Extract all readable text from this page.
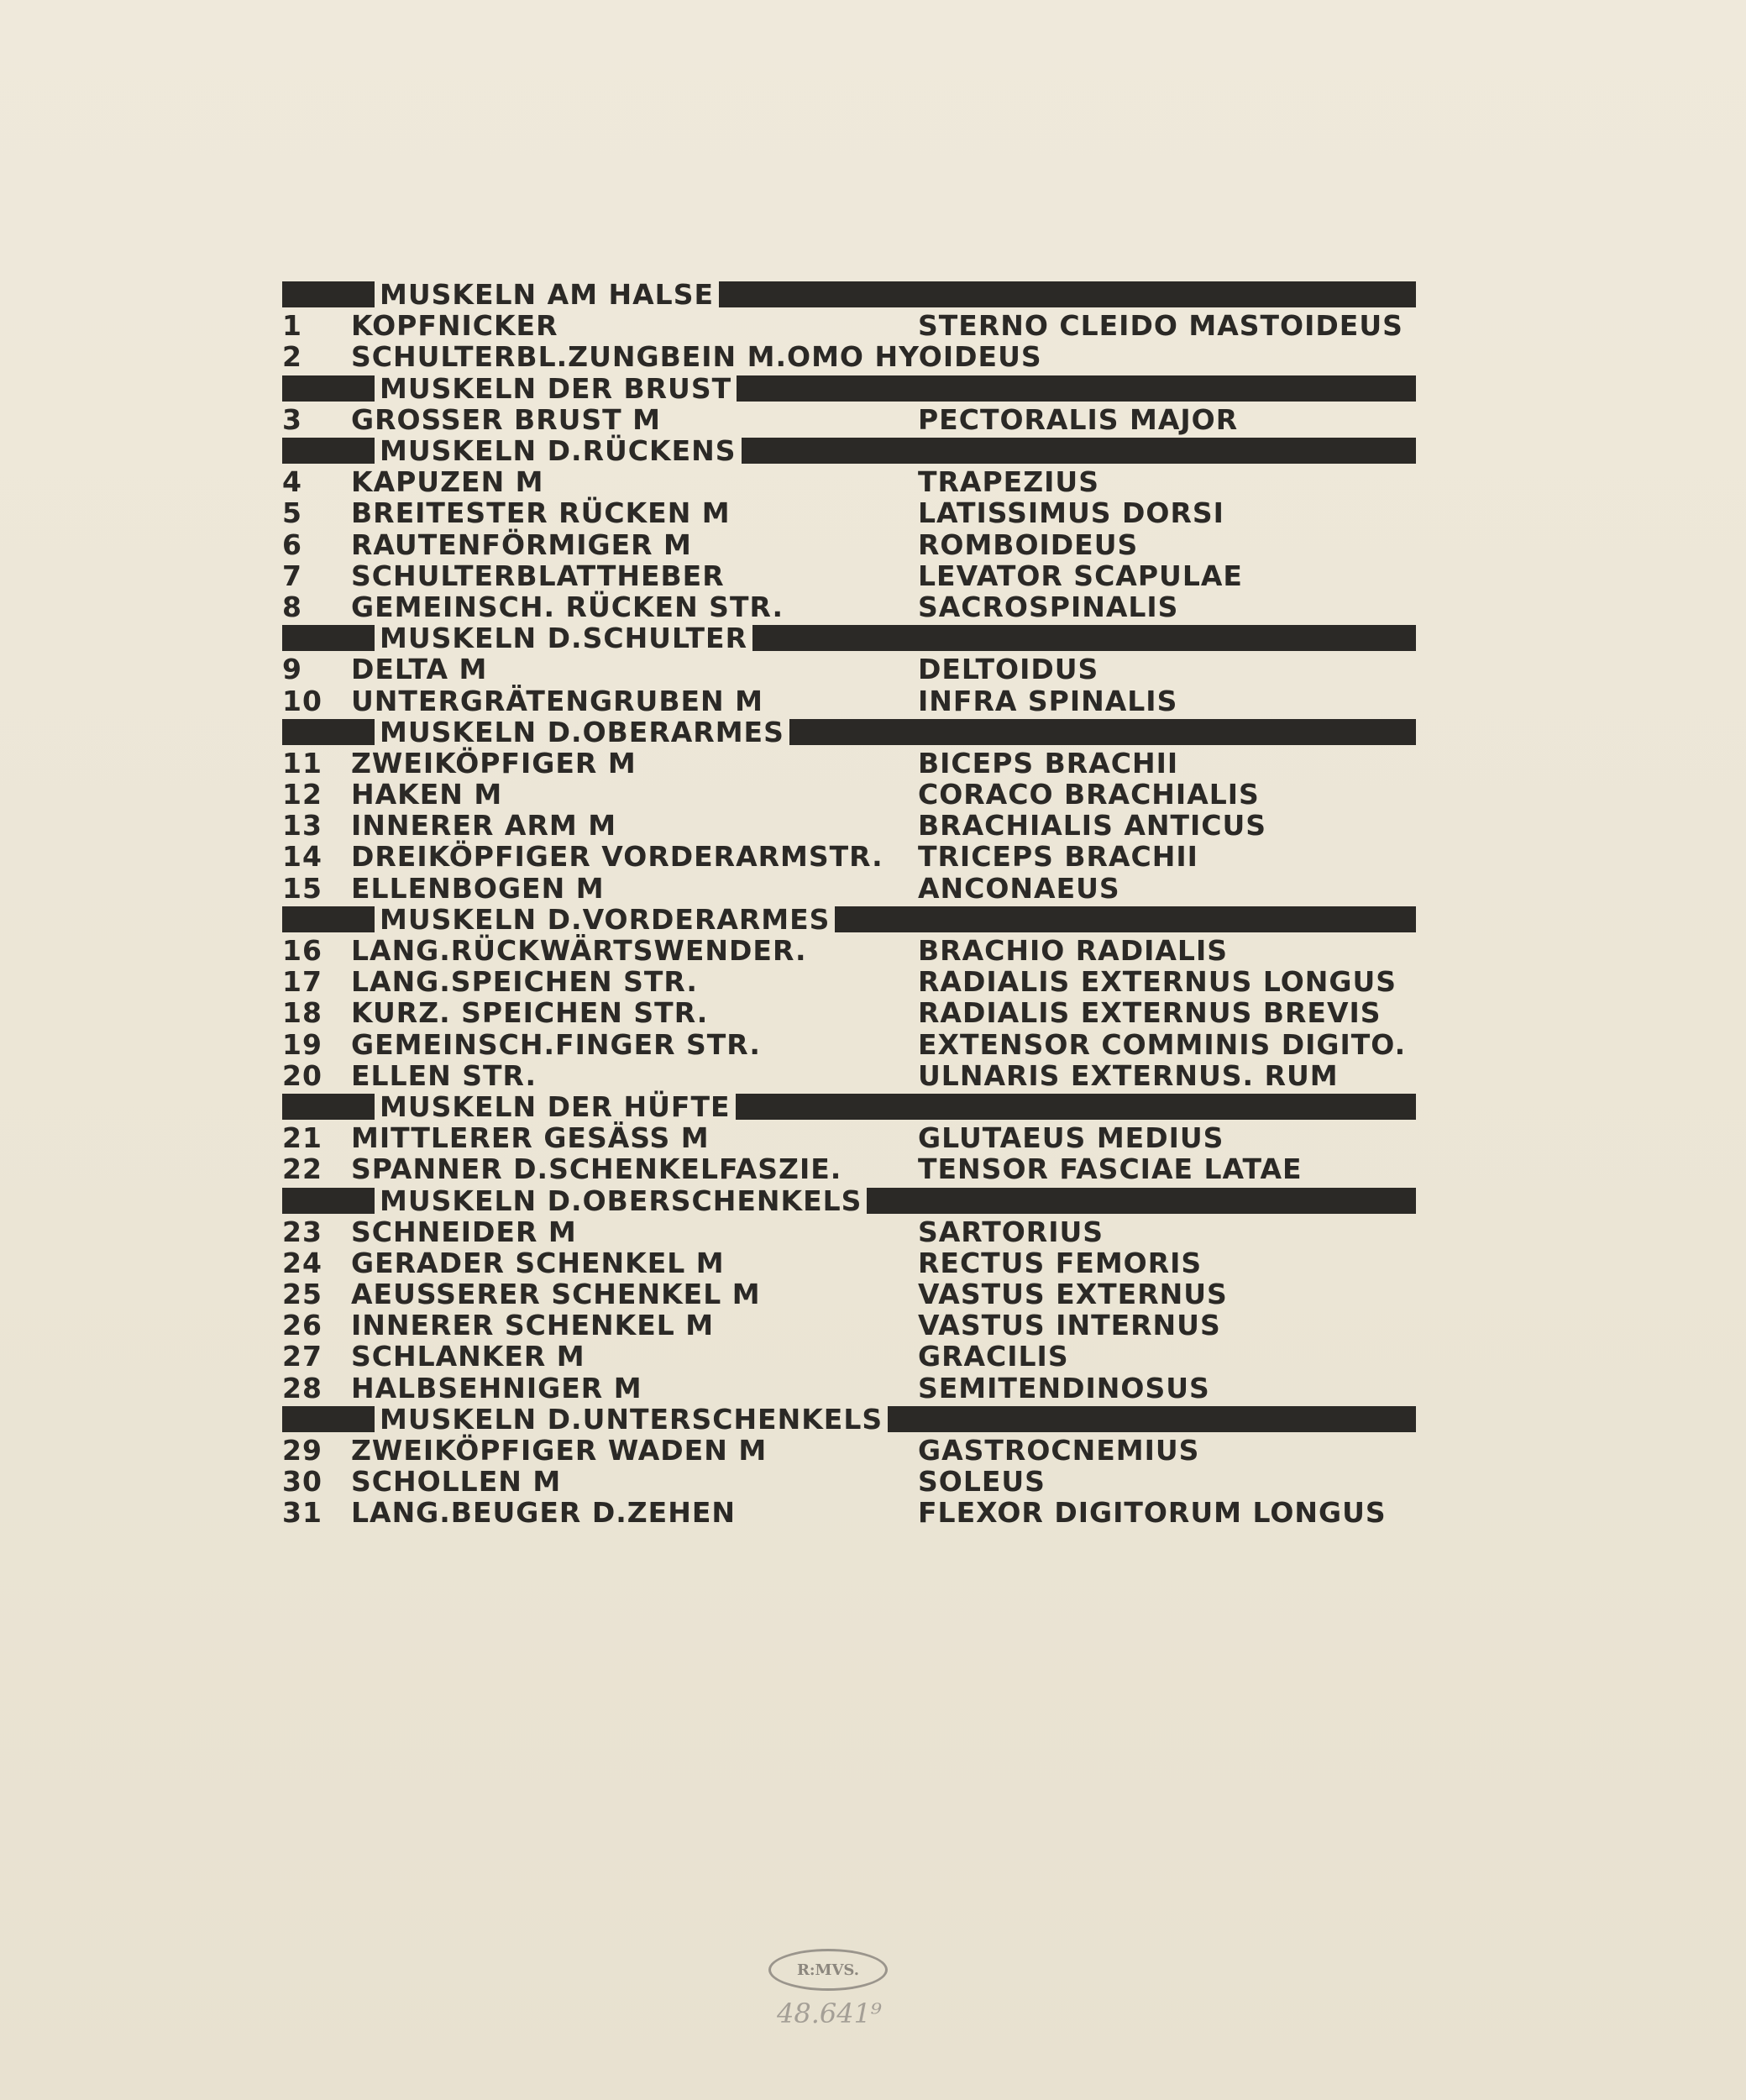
MUSKELN AM HALSE
1	KOPFNICKER	STERNO CLEIDO MASTOIDEUS
2	SCHULTERBL.ZUNGBEIN M.OMO HYOIDEUS
MUSKELN DER BRUST
3	GROSSER BRUST M	PECTORALIS MAJOR
MUSKELN D.RÜCKENS
4	KAPUZEN M	TRAPEZIUS
5	BREITESTER RÜCKEN M	LATISSIMUS DORSI
6	RAUTENFÖRMIGER M	ROMBOIDEUS
7	SCHULTERBLATTHEBER	LEVATOR SCAPULAE
8	GEMEINSCH. RÜCKEN STR.	SACROSPINALIS
MUSKELN D.SCHULTER
9	DELTA M	DELTOIDUS
10	UNTERGRÄTENGRUBEN M	INFRA SPINALIS
MUSKELN D.OBERARMES
11	ZWEIKÖPFIGER M	BICEPS BRACHII
12	HAKEN M	CORACO BRACHIALIS
13	INNERER ARM M	BRACHIALIS ANTICUS
14	DREIKÖPFIGER VORDERARMSTR.	TRICEPS BRACHII
15	ELLENBOGEN M	ANCONAEUS
MUSKELN D.VORDERARMES
16	LANG.RÜCKWÄRTSWENDER.	BRACHIO RADIALIS
17	LANG.SPEICHEN STR.	RADIALIS EXTERNUS LONGUS
18	KURZ. SPEICHEN STR.	RADIALIS EXTERNUS BREVIS
19	GEMEINSCH.FINGER STR.	EXTENSOR COMMINIS DIGITO.
20	ELLEN STR.	ULNARIS EXTERNUS. RUM
MUSKELN DER HÜFTE
21	MITTLERER GESÄSS M	GLUTAEUS MEDIUS
22	SPANNER D.SCHENKELFASZIE.	TENSOR FASCIAE LATAE
MUSKELN D.OBERSCHENKELS
23	SCHNEIDER M	SARTORIUS
24	GERADER SCHENKEL M	RECTUS FEMORIS
25	AEUSSERER SCHENKEL M	VASTUS EXTERNUS
26	INNERER SCHENKEL M	VASTUS INTERNUS
27	SCHLANKER M	GRACILIS
28	HALBSEHNIGER M	SEMITENDINOSUS
MUSKELN D.UNTERSCHENKELS
29	ZWEIKÖPFIGER WADEN M	GASTROCNEMIUS
30	SCHOLLEN M	SOLEUS
31	LANG.BEUGER D.ZEHEN	FLEXOR DIGITORUM LONGUS
R:MVS.
48.641⁹
